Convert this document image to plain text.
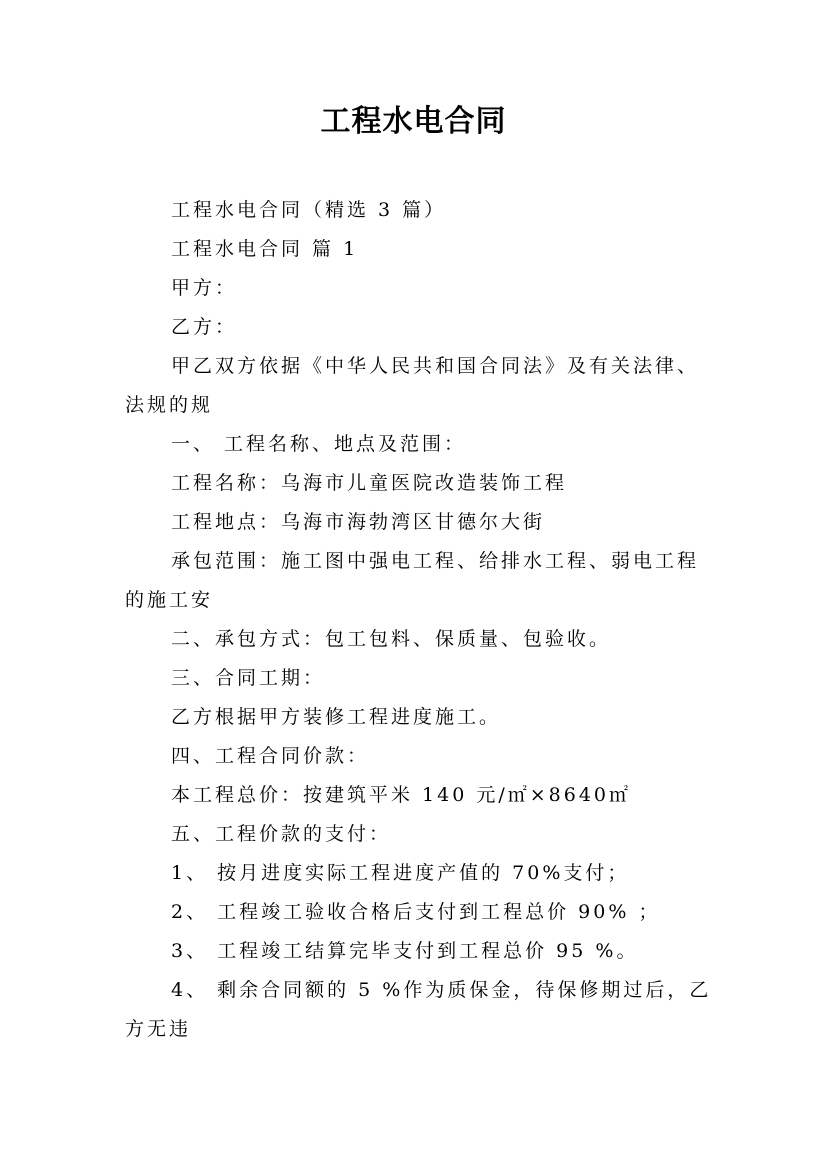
工程水电合同
工程水电合同（精选 3 篇）
工程水电合同 篇 1
甲方：
乙方：
甲乙双方依据《中华人民共和国合同法》及有关法律、
法规的规
一、 工程名称、地点及范围：
工程名称：乌海市儿童医院改造装饰工程
工程地点：乌海市海勃湾区甘德尔大街
承包范围：施工图中强电工程、给排水工程、弱电工程
的施工安
二、承包方式：包工包料、保质量、包验收。
三、合同工期：
乙方根据甲方装修工程进度施工。
四、工程合同价款：
本工程总价：按建筑平米 140 元/㎡×8640㎡
五、工程价款的支付：
1、 按月进度实际工程进度产值的 70%支付；
2、 工程竣工验收合格后支付到工程总价 90% ；
3、 工程竣工结算完毕支付到工程总价 95 %。
4、 剩余合同额的 5 %作为质保金，待保修期过后，乙
方无违
